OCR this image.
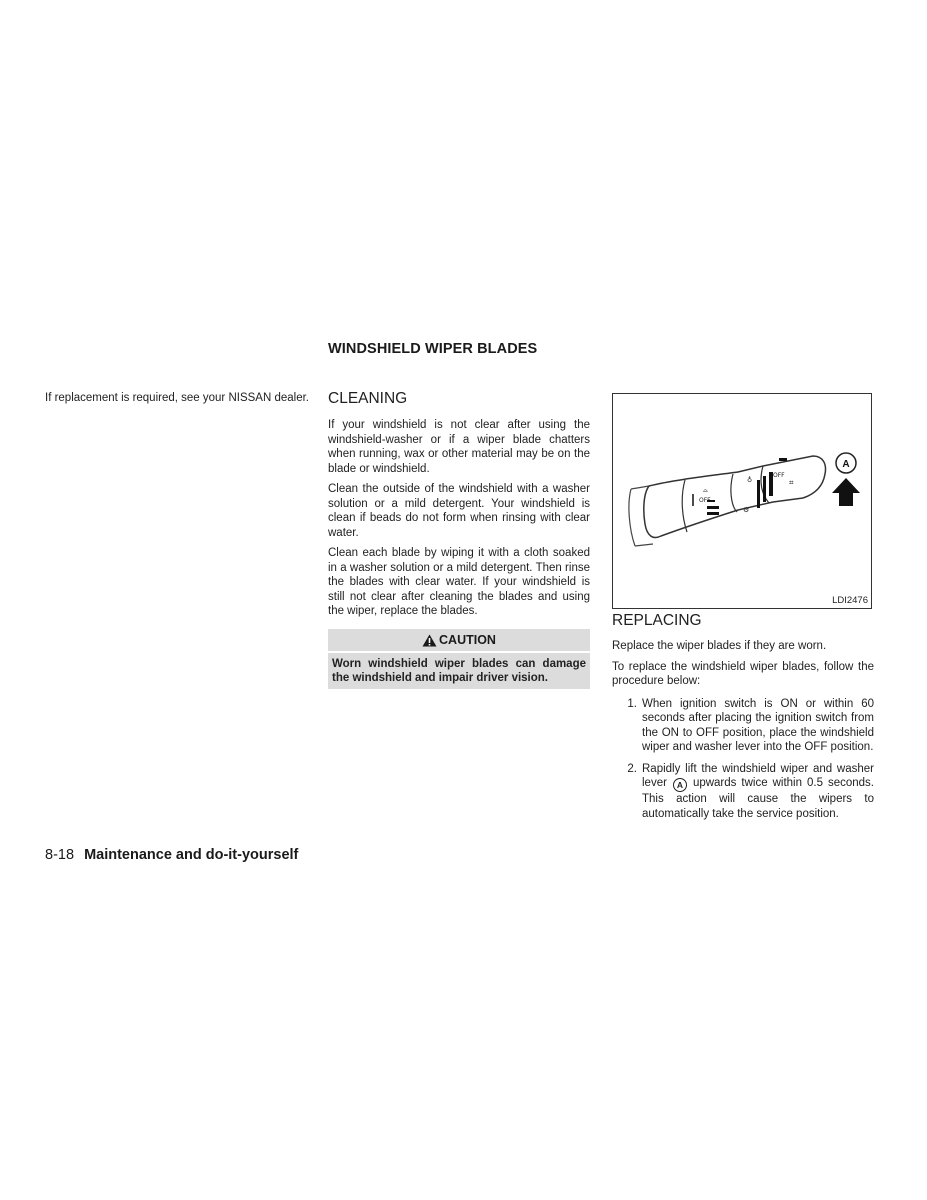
WINDSHIELD WIPER BLADES
If replacement is required, see your NISSAN dealer. CLEANING

If your windshield is not clear after using the windshield-washer or if a wiper blade chatters when running, wax or other material may be on the blade or windshield.

Clean the outside of the windshield with a washer solution or a mild detergent. Your windshield is clean if beads do not form when rinsing with clear water.

Clean each blade by wiping it with a cloth soaked in a washer solution or a mild detergent. Then rinse the blades with clear water. If your windshield is still not clear after cleaning the blades and using the wiper, replace the blades.

CAUTION
Worn windshield wiper blades can damage the windshield and impair driver vision.
OFF
⌓
OFF
♁
⚙
⌗
A
LDI2476
REPLACING

Replace the wiper blades if they are worn.

To replace the windshield wiper blades, follow the procedure below:

1. When ignition switch is ON or within 60 seconds after placing the ignition switch from the ON to OFF position, place the windshield wiper and washer lever into the OFF position.
2. Rapidly lift the windshield wiper and washer lever A upwards twice within 0.5 seconds. This action will cause the wipers to automatically take the service position.
8-18 Maintenance and do-it-yourself
